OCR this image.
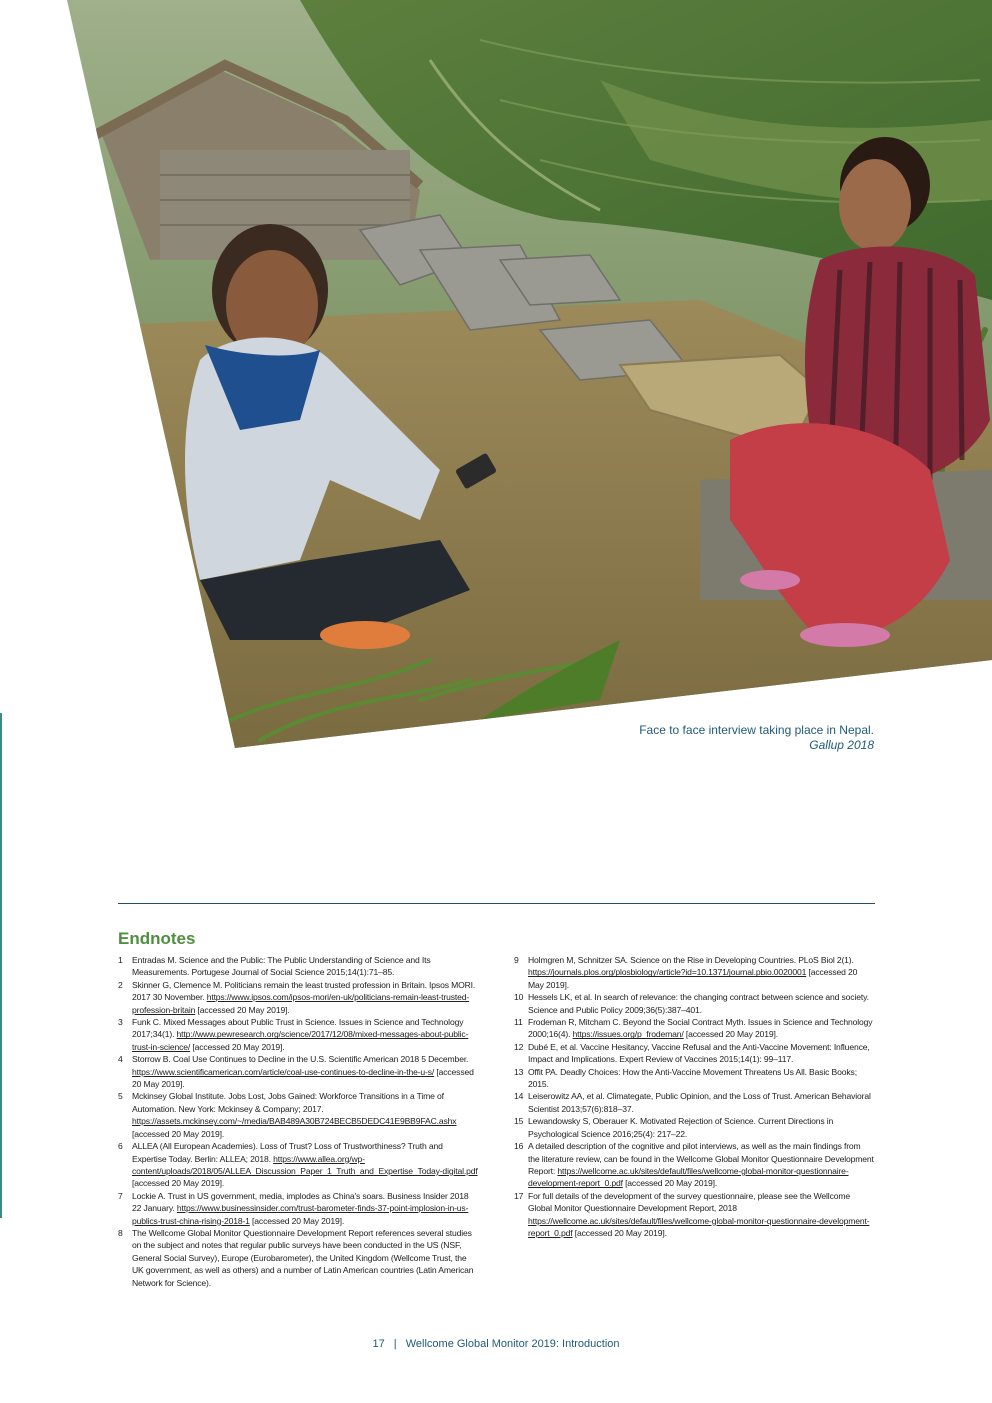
Face to face interview taking place in Nepal.
Gallup 2018
Endnotes
1	Entradas M. Science and the Public: The Public Understanding of Science and Its Measurements. Portugese Journal of Social Science 2015;14(1):71–85.
2	Skinner G, Clemence M. Politicians remain the least trusted profession in Britain. Ipsos MORI. 2017 30 November. https://www.ipsos.com/ipsos-mori/en-uk/politicians-remain-least-trusted-profession-britain [accessed 20 May 2019].
3	Funk C. Mixed Messages about Public Trust in Science. Issues in Science and Technology 2017;34(1). http://www.pewresearch.org/science/2017/12/08/mixed-messages-about-public-trust-in-science/ [accessed 20 May 2019].
4	Storrow B. Coal Use Continues to Decline in the U.S. Scientific American 2018 5 December. https://www.scientificamerican.com/article/coal-use-continues-to-decline-in-the-u-s/ [accessed 20 May 2019].
5	Mckinsey Global Institute. Jobs Lost, Jobs Gained: Workforce Transitions in a Time of Automation. New York: Mckinsey & Company; 2017. https://assets.mckinsey.com/~/media/BAB489A30B724BECB5DEDC41E9BB9FAC.ashx [accessed 20 May 2019].
6	ALLEA (All European Academies). Loss of Trust? Loss of Trustworthiness? Truth and Expertise Today. Berlin: ALLEA; 2018. https://www.allea.org/wp-content/uploads/2018/05/ALLEA_Discussion_Paper_1_Truth_and_Expertise_Today-digital.pdf [accessed 20 May 2019].
7	Lockie A. Trust in US government, media, implodes as China's soars. Business Insider 2018 22 January. https://www.businessinsider.com/trust-barometer-finds-37-point-implosion-in-us-publics-trust-china-rising-2018-1 [accessed 20 May 2019].
8	The Wellcome Global Monitor Questionnaire Development Report references several studies on the subject and notes that regular public surveys have been conducted in the US (NSF, General Social Survey), Europe (Eurobarometer), the United Kingdom (Wellcome Trust, the UK government, as well as others) and a number of Latin American countries (Latin American Network for Science).
9	Holmgren M, Schnitzer SA. Science on the Rise in Developing Countries. PLoS Biol 2(1). https://journals.plos.org/plosbiology/article?id=10.1371/journal.pbio.0020001 [accessed 20 May 2019].
10 Hessels LK, et al. In search of relevance: the changing contract between science and society. Science and Public Policy 2009;36(5):387–401.
11 Frodeman R, Mitcham C. Beyond the Social Contract Myth. Issues in Science and Technology 2000;16(4). https://issues.org/p_frodeman/ [accessed 20 May 2019].
12 Dubé E, et al. Vaccine Hesitancy, Vaccine Refusal and the Anti-Vaccine Movement: Influence, Impact and Implications. Expert Review of Vaccines 2015;14(1): 99–117.
13 Offit PA. Deadly Choices: How the Anti-Vaccine Movement Threatens Us All. Basic Books; 2015.
14 Leiserowitz AA, et al. Climategate, Public Opinion, and the Loss of Trust. American Behavioral Scientist 2013;57(6):818–37.
15 Lewandowsky S, Oberauer K. Motivated Rejection of Science. Current Directions in Psychological Science 2016;25(4): 217–22.
16 A detailed description of the cognitive and pilot interviews, as well as the main findings from the literature review, can be found in the Wellcome Global Monitor Questionnaire Development Report: https://wellcome.ac.uk/sites/default/files/wellcome-global-monitor-questionnaire-development-report_0.pdf [accessed 20 May 2019].
17 For full details of the development of the survey questionnaire, please see the Wellcome Global Monitor Questionnaire Development Report, 2018 https://wellcome.ac.uk/sites/default/files/wellcome-global-monitor-questionnaire-development-report_0.pdf [accessed 20 May 2019].
17 | Wellcome Global Monitor 2019: Introduction
